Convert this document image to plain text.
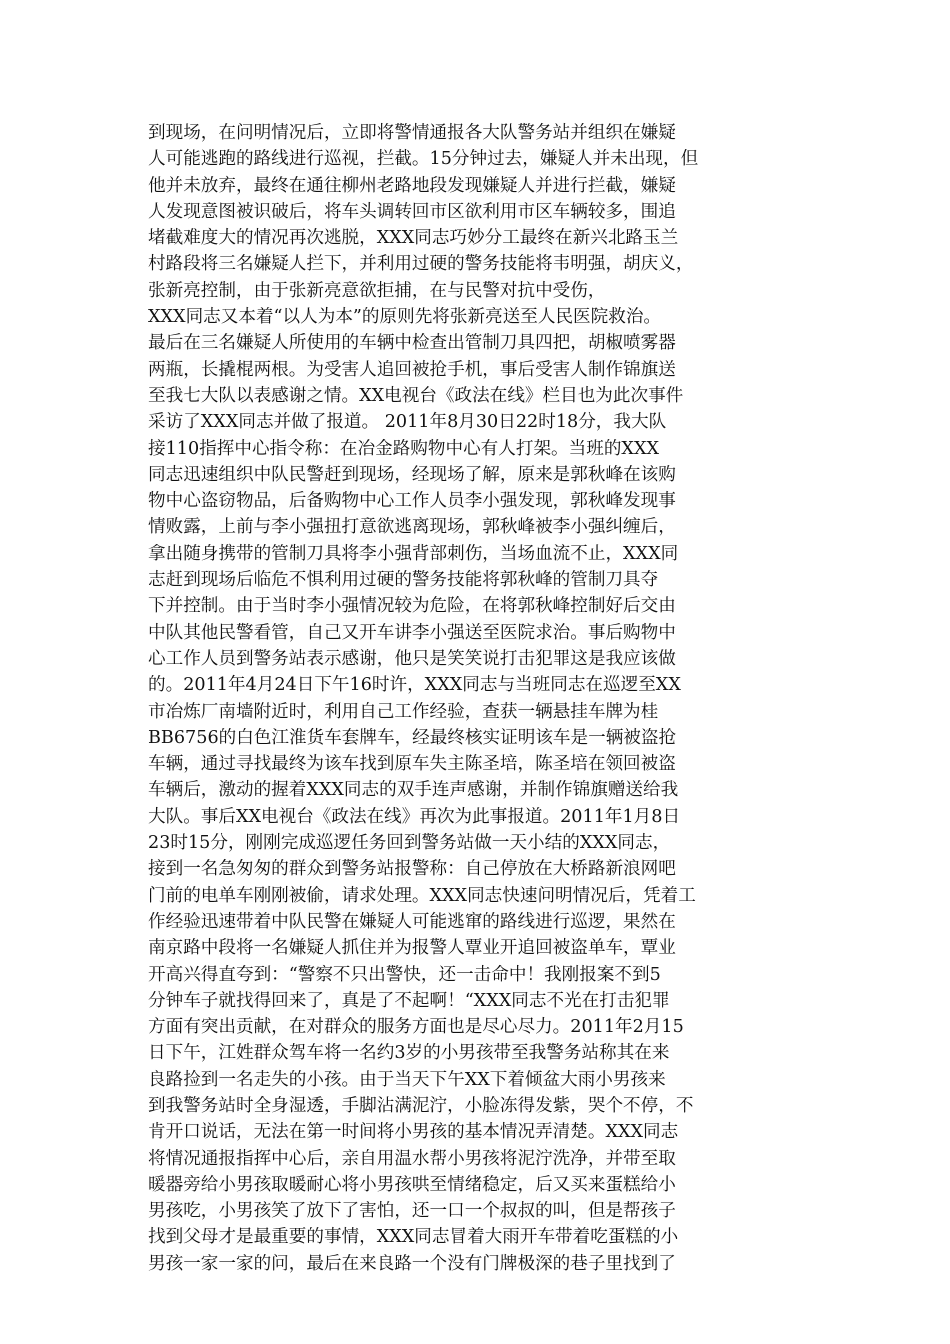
到现场，在问明情况后，立即将警情通报各大队警务站并组织在嫌疑
人可能逃跑的路线进行巡视，拦截。15分钟过去，嫌疑人并未出现，但
他并未放弃，最终在通往柳州老路地段发现嫌疑人并进行拦截，嫌疑
人发现意图被识破后，将车头调转回市区欲利用市区车辆较多，围追
堵截难度大的情况再次逃脱，XXX同志巧妙分工最终在新兴北路玉兰
村路段将三名嫌疑人拦下，并利用过硬的警务技能将韦明强，胡庆义，
张新亮控制，由于张新亮意欲拒捕，在与民警对抗中受伤，
XXX同志又本着“以人为本”的原则先将张新亮送至人民医院救治。
最后在三名嫌疑人所使用的车辆中检查出管制刀具四把，胡椒喷雾器
两瓶，长撬棍两根。为受害人追回被抢手机，事后受害人制作锦旗送
至我七大队以表感谢之情。XX电视台《政法在线》栏目也为此次事件
采访了XXX同志并做了报道。 2011年8月30日22时18分，我大队
接110指挥中心指令称：在冶金路购物中心有人打架。当班的XXX
同志迅速组织中队民警赶到现场，经现场了解，原来是郭秋峰在该购
物中心盗窃物品，后备购物中心工作人员李小强发现，郭秋峰发现事
情败露，上前与李小强扭打意欲逃离现场，郭秋峰被李小强纠缠后，
拿出随身携带的管制刀具将李小强背部刺伤，当场血流不止，XXX同
志赶到现场后临危不惧利用过硬的警务技能将郭秋峰的管制刀具夺
下并控制。由于当时李小强情况较为危险，在将郭秋峰控制好后交由
中队其他民警看管，自己又开车讲李小强送至医院求治。事后购物中
心工作人员到警务站表示感谢，他只是笑笑说打击犯罪这是我应该做
的。2011年4月24日下午16时许，XXX同志与当班同志在巡逻至XX
市冶炼厂南墙附近时，利用自己工作经验，查获一辆悬挂车牌为桂
BB6756的白色江淮货车套牌车，经最终核实证明该车是一辆被盗抢
车辆，通过寻找最终为该车找到原车失主陈圣培，陈圣培在领回被盗
车辆后，激动的握着XXX同志的双手连声感谢，并制作锦旗赠送给我
大队。事后XX电视台《政法在线》再次为此事报道。2011年1月8日
23时15分，刚刚完成巡逻任务回到警务站做一天小结的XXX同志，
接到一名急匆匆的群众到警务站报警称：自己停放在大桥路新浪网吧
门前的电单车刚刚被偷，请求处理。XXX同志快速问明情况后，凭着工
作经验迅速带着中队民警在嫌疑人可能逃窜的路线进行巡逻，果然在
南京路中段将一名嫌疑人抓住并为报警人覃业开追回被盗单车，覃业
开高兴得直夸到：“警察不只出警快，还一击命中！我刚报案不到5
分钟车子就找得回来了，真是了不起啊！“XXX同志不光在打击犯罪
方面有突出贡献，在对群众的服务方面也是尽心尽力。2011年2月15
日下午，江姓群众驾车将一名约3岁的小男孩带至我警务站称其在来
良路捡到一名走失的小孩。由于当天下午XX下着倾盆大雨小男孩来
到我警务站时全身湿透，手脚沾满泥泞，小脸冻得发紫，哭个不停，不
肯开口说话，无法在第一时间将小男孩的基本情况弄清楚。XXX同志
将情况通报指挥中心后，亲自用温水帮小男孩将泥泞洗净，并带至取
暖器旁给小男孩取暖耐心将小男孩哄至情绪稳定，后又买来蛋糕给小
男孩吃，小男孩笑了放下了害怕，还一口一个叔叔的叫，但是帮孩子
找到父母才是最重要的事情，XXX同志冒着大雨开车带着吃蛋糕的小
男孩一家一家的问，最后在来良路一个没有门牌极深的巷子里找到了
